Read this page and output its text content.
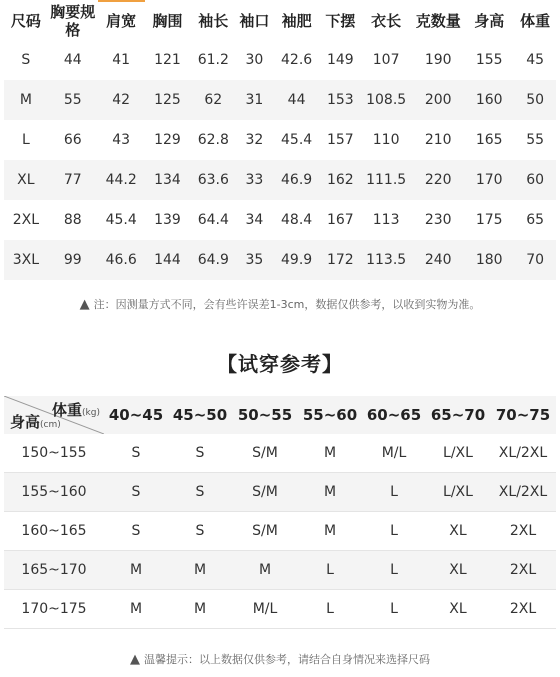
尺码	胸要规格	肩宽	胸围	袖长	袖口	袖肥	下摆	衣长	克数量	身高	体重
S	44	41	121	61.2	30	42.6	149	107	190	155	45
M	55	42	125	62	31	44	153	108.5	200	160	50
L	66	43	129	62.8	32	45.4	157	110	210	165	55
XL	77	44.2	134	63.6	33	46.9	162	111.5	220	170	60
2XL	88	45.4	139	64.4	34	48.4	167	113	230	175	65
3XL	99	46.6	144	64.9	35	49.9	172	113.5	240	180	70
▲ 注：因测量方式不同，会有些许误差1-3cm，数据仅供参考，以收到实物为准。
【试穿参考】
体重(kg)
身高(cm)	40~45	45~50	50~55	55~60	60~65	65~70	70~75
150~155	S	S	S/M	M	M/L	L/XL	XL/2XL
155~160	S	S	S/M	M	L	L/XL	XL/2XL
160~165	S	S	S/M	M	L	XL	2XL
165~170	M	M	M	L	L	XL	2XL
170~175	M	M	M/L	L	L	XL	2XL
▲ 温馨提示：以上数据仅供参考，请结合自身情况来选择尺码
